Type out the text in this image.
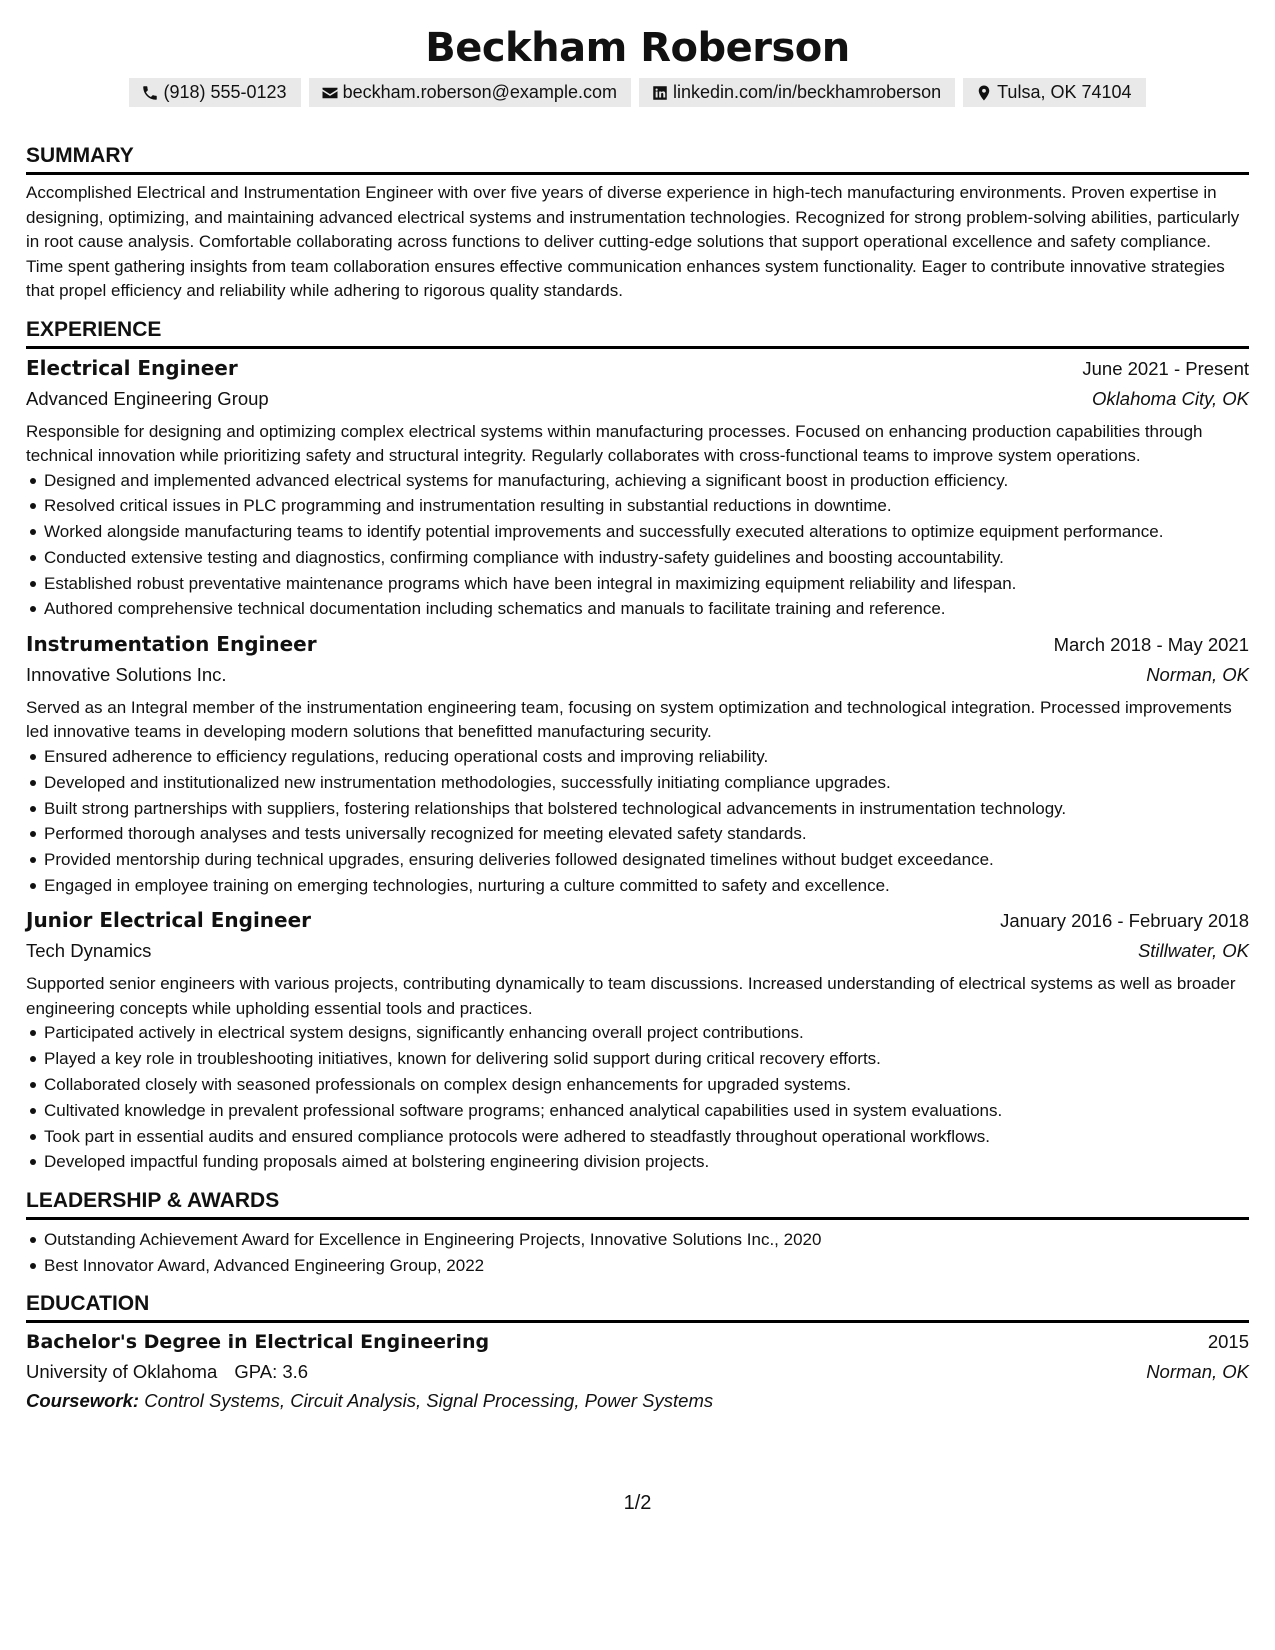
Beckham Roberson
(918) 555-0123	beckham.roberson@example.com	linkedin.com/in/beckhamroberson	Tulsa, OK 74104
SUMMARY
Accomplished Electrical and Instrumentation Engineer with over five years of diverse experience in high-tech manufacturing environments. Proven expertise in designing, optimizing, and maintaining advanced electrical systems and instrumentation technologies. Recognized for strong problem-solving abilities, particularly in root cause analysis. Comfortable collaborating across functions to deliver cutting-edge solutions that support operational excellence and safety compliance. Time spent gathering insights from team collaboration ensures effective communication enhances system functionality. Eager to contribute innovative strategies that propel efficiency and reliability while adhering to rigorous quality standards.
EXPERIENCE
Electrical Engineer	June 2021 - Present
Advanced Engineering Group	Oklahoma City, OK
Responsible for designing and optimizing complex electrical systems within manufacturing processes. Focused on enhancing production capabilities through technical innovation while prioritizing safety and structural integrity. Regularly collaborates with cross-functional teams to improve system operations.
Designed and implemented advanced electrical systems for manufacturing, achieving a significant boost in production efficiency.
Resolved critical issues in PLC programming and instrumentation resulting in substantial reductions in downtime.
Worked alongside manufacturing teams to identify potential improvements and successfully executed alterations to optimize equipment performance.
Conducted extensive testing and diagnostics, confirming compliance with industry-safety guidelines and boosting accountability.
Established robust preventative maintenance programs which have been integral in maximizing equipment reliability and lifespan.
Authored comprehensive technical documentation including schematics and manuals to facilitate training and reference.
Instrumentation Engineer	March 2018 - May 2021
Innovative Solutions Inc.	Norman, OK
Served as an Integral member of the instrumentation engineering team, focusing on system optimization and technological integration. Processed improvements led innovative teams in developing modern solutions that benefitted manufacturing security.
Ensured adherence to efficiency regulations, reducing operational costs and improving reliability.
Developed and institutionalized new instrumentation methodologies, successfully initiating compliance upgrades.
Built strong partnerships with suppliers, fostering relationships that bolstered technological advancements in instrumentation technology.
Performed thorough analyses and tests universally recognized for meeting elevated safety standards.
Provided mentorship during technical upgrades, ensuring deliveries followed designated timelines without budget exceedance.
Engaged in employee training on emerging technologies, nurturing a culture committed to safety and excellence.
Junior Electrical Engineer	January 2016 - February 2018
Tech Dynamics	Stillwater, OK
Supported senior engineers with various projects, contributing dynamically to team discussions. Increased understanding of electrical systems as well as broader engineering concepts while upholding essential tools and practices.
Participated actively in electrical system designs, significantly enhancing overall project contributions.
Played a key role in troubleshooting initiatives, known for delivering solid support during critical recovery efforts.
Collaborated closely with seasoned professionals on complex design enhancements for upgraded systems.
Cultivated knowledge in prevalent professional software programs; enhanced analytical capabilities used in system evaluations.
Took part in essential audits and ensured compliance protocols were adhered to steadfastly throughout operational workflows.
Developed impactful funding proposals aimed at bolstering engineering division projects.
LEADERSHIP & AWARDS
Outstanding Achievement Award for Excellence in Engineering Projects, Innovative Solutions Inc., 2020
Best Innovator Award, Advanced Engineering Group, 2022
EDUCATION
Bachelor's Degree in Electrical Engineering	2015
University of Oklahoma GPA: 3.6	Norman, OK
Coursework: Control Systems, Circuit Analysis, Signal Processing, Power Systems
1/2
